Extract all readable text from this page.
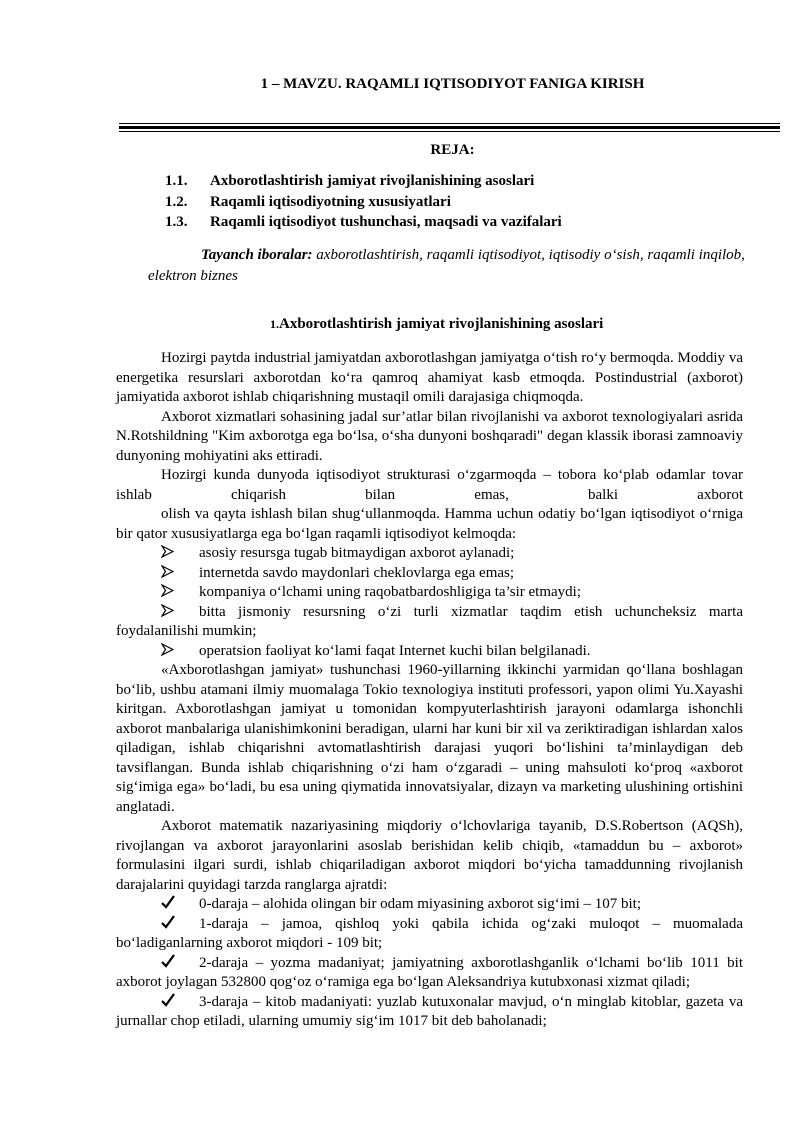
1 – MAVZU. RAQAMLI IQTISODIYOT FANIGA KIRISH
REJA:
1.1. Axborotlashtirish jamiyat rivojlanishining asoslari
1.2. Raqamli iqtisodiyotning xususiyatlari
1.3. Raqamli iqtisodiyot tushunchasi, maqsadi va vazifalari
Tayanch iboralar: axborotlashtirish, raqamli iqtisodiyot, iqtisodiy o‘sish, raqamli inqilob, elektron biznes
1.Axborotlashtirish jamiyat rivojlanishining asoslari

Hozirgi paytda industrial jamiyatdan axborotlashgan jamiyatga o‘tish ro‘y bermoqda. Moddiy va energetika resurslari axborotdan ko‘ra qamroq ahamiyat kasb etmoqda. Postindustrial (axborot) jamiyatida axborot ishlab chiqarishning mustaqil omili darajasiga chiqmoqda.

Axborot xizmatlari sohasining jadal sur’atlar bilan rivojlanishi va axborot texnologiyalari asrida N.Rotshildning "Kim axborotga ega bo‘lsa, o‘sha dunyoni boshqaradi" degan klassik iborasi zamnoaviy dunyoning mohiyatini aks ettiradi.

Hozirgi kunda dunyoda iqtisodiyot strukturasi o‘zgarmoqda – tobora ko‘plab odamlar tovar ishlab chiqarish bilan emas, balki axborot

olish va qayta ishlash bilan shug‘ullanmoqda. Hamma uchun odatiy bo‘lgan iqtisodiyot o‘rniga bir qator xususiyatlarga ega bo‘lgan raqamli iqtisodiyot kelmoqda:

asosiy resursga tugab bitmaydigan axborot aylanadi;

internetda savdo maydonlari cheklovlarga ega emas;

kompaniya o‘lchami uning raqobatbardoshligiga ta’sir etmaydi;

bitta jismoniy resursning o‘zi turli xizmatlar taqdim etish uchuncheksiz marta foydalanilishi mumkin;

operatsion faoliyat ko‘lami faqat Internet kuchi bilan belgilanadi.

«Axborotlashgan jamiyat» tushunchasi 1960-yillarning ikkinchi yarmidan qo‘llana boshlagan bo‘lib, ushbu atamani ilmiy muomalaga Tokio texnologiya instituti professori, yapon olimi Yu.Xayashi kiritgan. Axborotlashgan jamiyat u tomonidan kompyuterlashtirish jarayoni odamlarga ishonchli axborot manbalariga ulanishimkonini beradigan, ularni har kuni bir xil va zeriktiradigan ishlardan xalos qiladigan, ishlab chiqarishni avtomatlashtirish darajasi yuqori bo‘lishini ta’minlaydigan deb tavsiflangan. Bunda ishlab chiqarishning o‘zi ham o‘zgaradi – uning mahsuloti ko‘proq «axborot sig‘imiga ega» bo‘ladi, bu esa uning qiymatida innovatsiyalar, dizayn va marketing ulushining ortishini anglatadi.

Axborot matematik nazariyasining miqdoriy o‘lchovlariga tayanib, D.S.Robertson (AQSh), rivojlangan va axborot jarayonlarini asoslab berishidan kelib chiqib, «tamaddun bu – axborot» formulasini ilgari surdi, ishlab chiqariladigan axborot miqdori bo‘yicha tamaddunning rivojlanish darajalarini quyidagi tarzda ranglarga ajratdi:

0-daraja – alohida olingan bir odam miyasining axborot sig‘imi – 107 bit;

1-daraja – jamoa, qishloq yoki qabila ichida og‘zaki muloqot – muomalada bo‘ladiganlarning axborot miqdori - 109 bit;

2-daraja – yozma madaniyat; jamiyatning axborotlashganlik o‘lchami bo‘lib 1011 bit axborot joylagan 532800 qog‘oz o‘ramiga ega bo‘lgan Aleksandriya kutubxonasi xizmat qiladi;

3-daraja – kitob madaniyati: yuzlab kutuxonalar mavjud, o‘n minglab kitoblar, gazeta va jurnallar chop etiladi, ularning umumiy sig‘im 1017 bit deb baholanadi;
